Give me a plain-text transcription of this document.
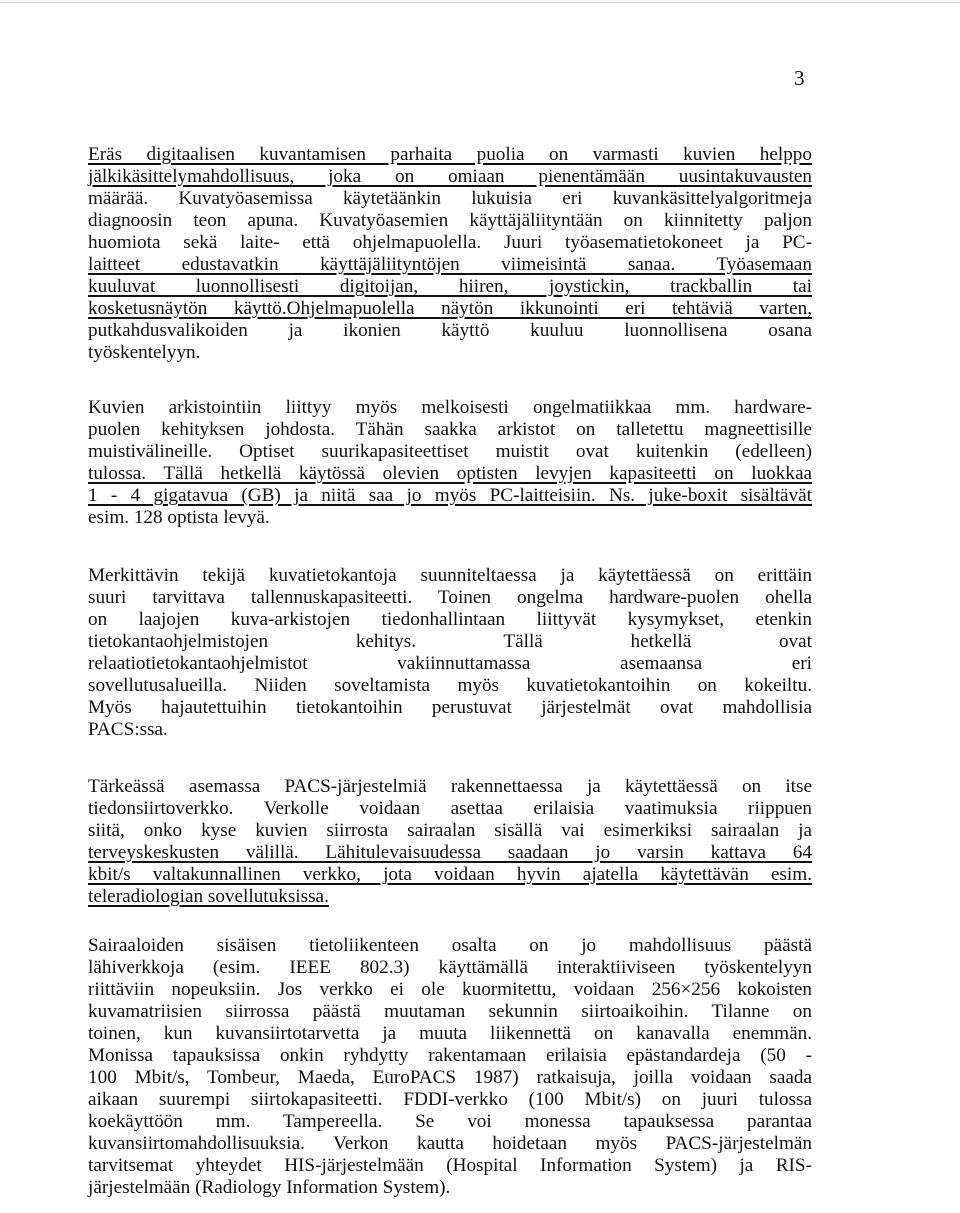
3
Eräs digitaalisen kuvantamisen parhaita puolia on varmasti kuvien helppo
jälkikäsittelymahdollisuus, joka on omiaan pienentämään uusintakuvausten
määrää. Kuvatyöasemissa käytetäänkin lukuisia eri kuvankäsittelyalgoritmeja
diagnoosin teon apuna. Kuvatyöasemien käyttäjäliityntään on kiinnitetty paljon
huomiota sekä laite- että ohjelmapuolella. Juuri työasematietokoneet ja PC-
laitteet edustavatkin käyttäjäliityntöjen viimeisintä sanaa. Työasemaan
kuuluvat luonnollisesti digitoijan, hiiren, joystickin, trackballin tai
kosketusnäytön käyttö.Ohjelmapuolella näytön ikkunointi eri tehtäviä varten,
putkahdusvalikoiden ja ikonien käyttö kuuluu luonnollisena osana
työskentelyyn.
Kuvien arkistointiin liittyy myös melkoisesti ongelmatiikkaa mm. hardware-
puolen kehityksen johdosta. Tähän saakka arkistot on talletettu magneettisille
muistivälineille. Optiset suurikapasiteettiset muistit ovat kuitenkin (edelleen)
tulossa. Tällä hetkellä käytössä olevien optisten levyjen kapasiteetti on luokkaa
1 - 4 gigatavua (GB) ja niitä saa jo myös PC-laitteisiin. Ns. juke-boxit sisältävät
esim. 128 optista levyä.
Merkittävin tekijä kuvatietokantoja suunniteltaessa ja käytettäessä on erittäin
suuri tarvittava tallennuskapasiteetti. Toinen ongelma hardware-puolen ohella
on laajojen kuva-arkistojen tiedonhallintaan liittyvät kysymykset, etenkin
tietokantaohjelmistojen kehitys. Tällä hetkellä ovat
relaatiotietokantaohjelmistot vakiinnuttamassa asemaansa eri
sovellutusalueilla. Niiden soveltamista myös kuvatietokantoihin on kokeiltu.
Myös hajautettuihin tietokantoihin perustuvat järjestelmät ovat mahdollisia
PACS:ssa.
Tärkeässä asemassa PACS-järjestelmiä rakennettaessa ja käytettäessä on itse
tiedonsiirtoverkko. Verkolle voidaan asettaa erilaisia vaatimuksia riippuen
siitä, onko kyse kuvien siirrosta sairaalan sisällä vai esimerkiksi sairaalan ja
terveyskeskusten välillä. Lähitulevaisuudessa saadaan jo varsin kattava 64
kbit/s valtakunnallinen verkko, jota voidaan hyvin ajatella käytettävän esim.
teleradiologian sovellutuksissa.
Sairaaloiden sisäisen tietoliikenteen osalta on jo mahdollisuus päästä
lähiverkkoja (esim. IEEE 802.3) käyttämällä interaktiiviseen työskentelyyn
riittäviin nopeuksiin. Jos verkko ei ole kuormitettu, voidaan 256×256 kokoisten
kuvamatriisien siirrossa päästä muutaman sekunnin siirtoaikoihin. Tilanne on
toinen, kun kuvansiirtotarvetta ja muuta liikennettä on kanavalla enemmän.
Monissa tapauksissa onkin ryhdytty rakentamaan erilaisia epästandardeja (50 -
100 Mbit/s, Tombeur, Maeda, EuroPACS 1987) ratkaisuja, joilla voidaan saada
aikaan suurempi siirtokapasiteetti. FDDI-verkko (100 Mbit/s) on juuri tulossa
koekäyttöön mm. Tampereella. Se voi monessa tapauksessa parantaa
kuvansiirtomahdollisuuksia. Verkon kautta hoidetaan myös PACS-järjestelmän
tarvitsemat yhteydet HIS-järjestelmään (Hospital Information System) ja RIS-
järjestelmään (Radiology Information System).
